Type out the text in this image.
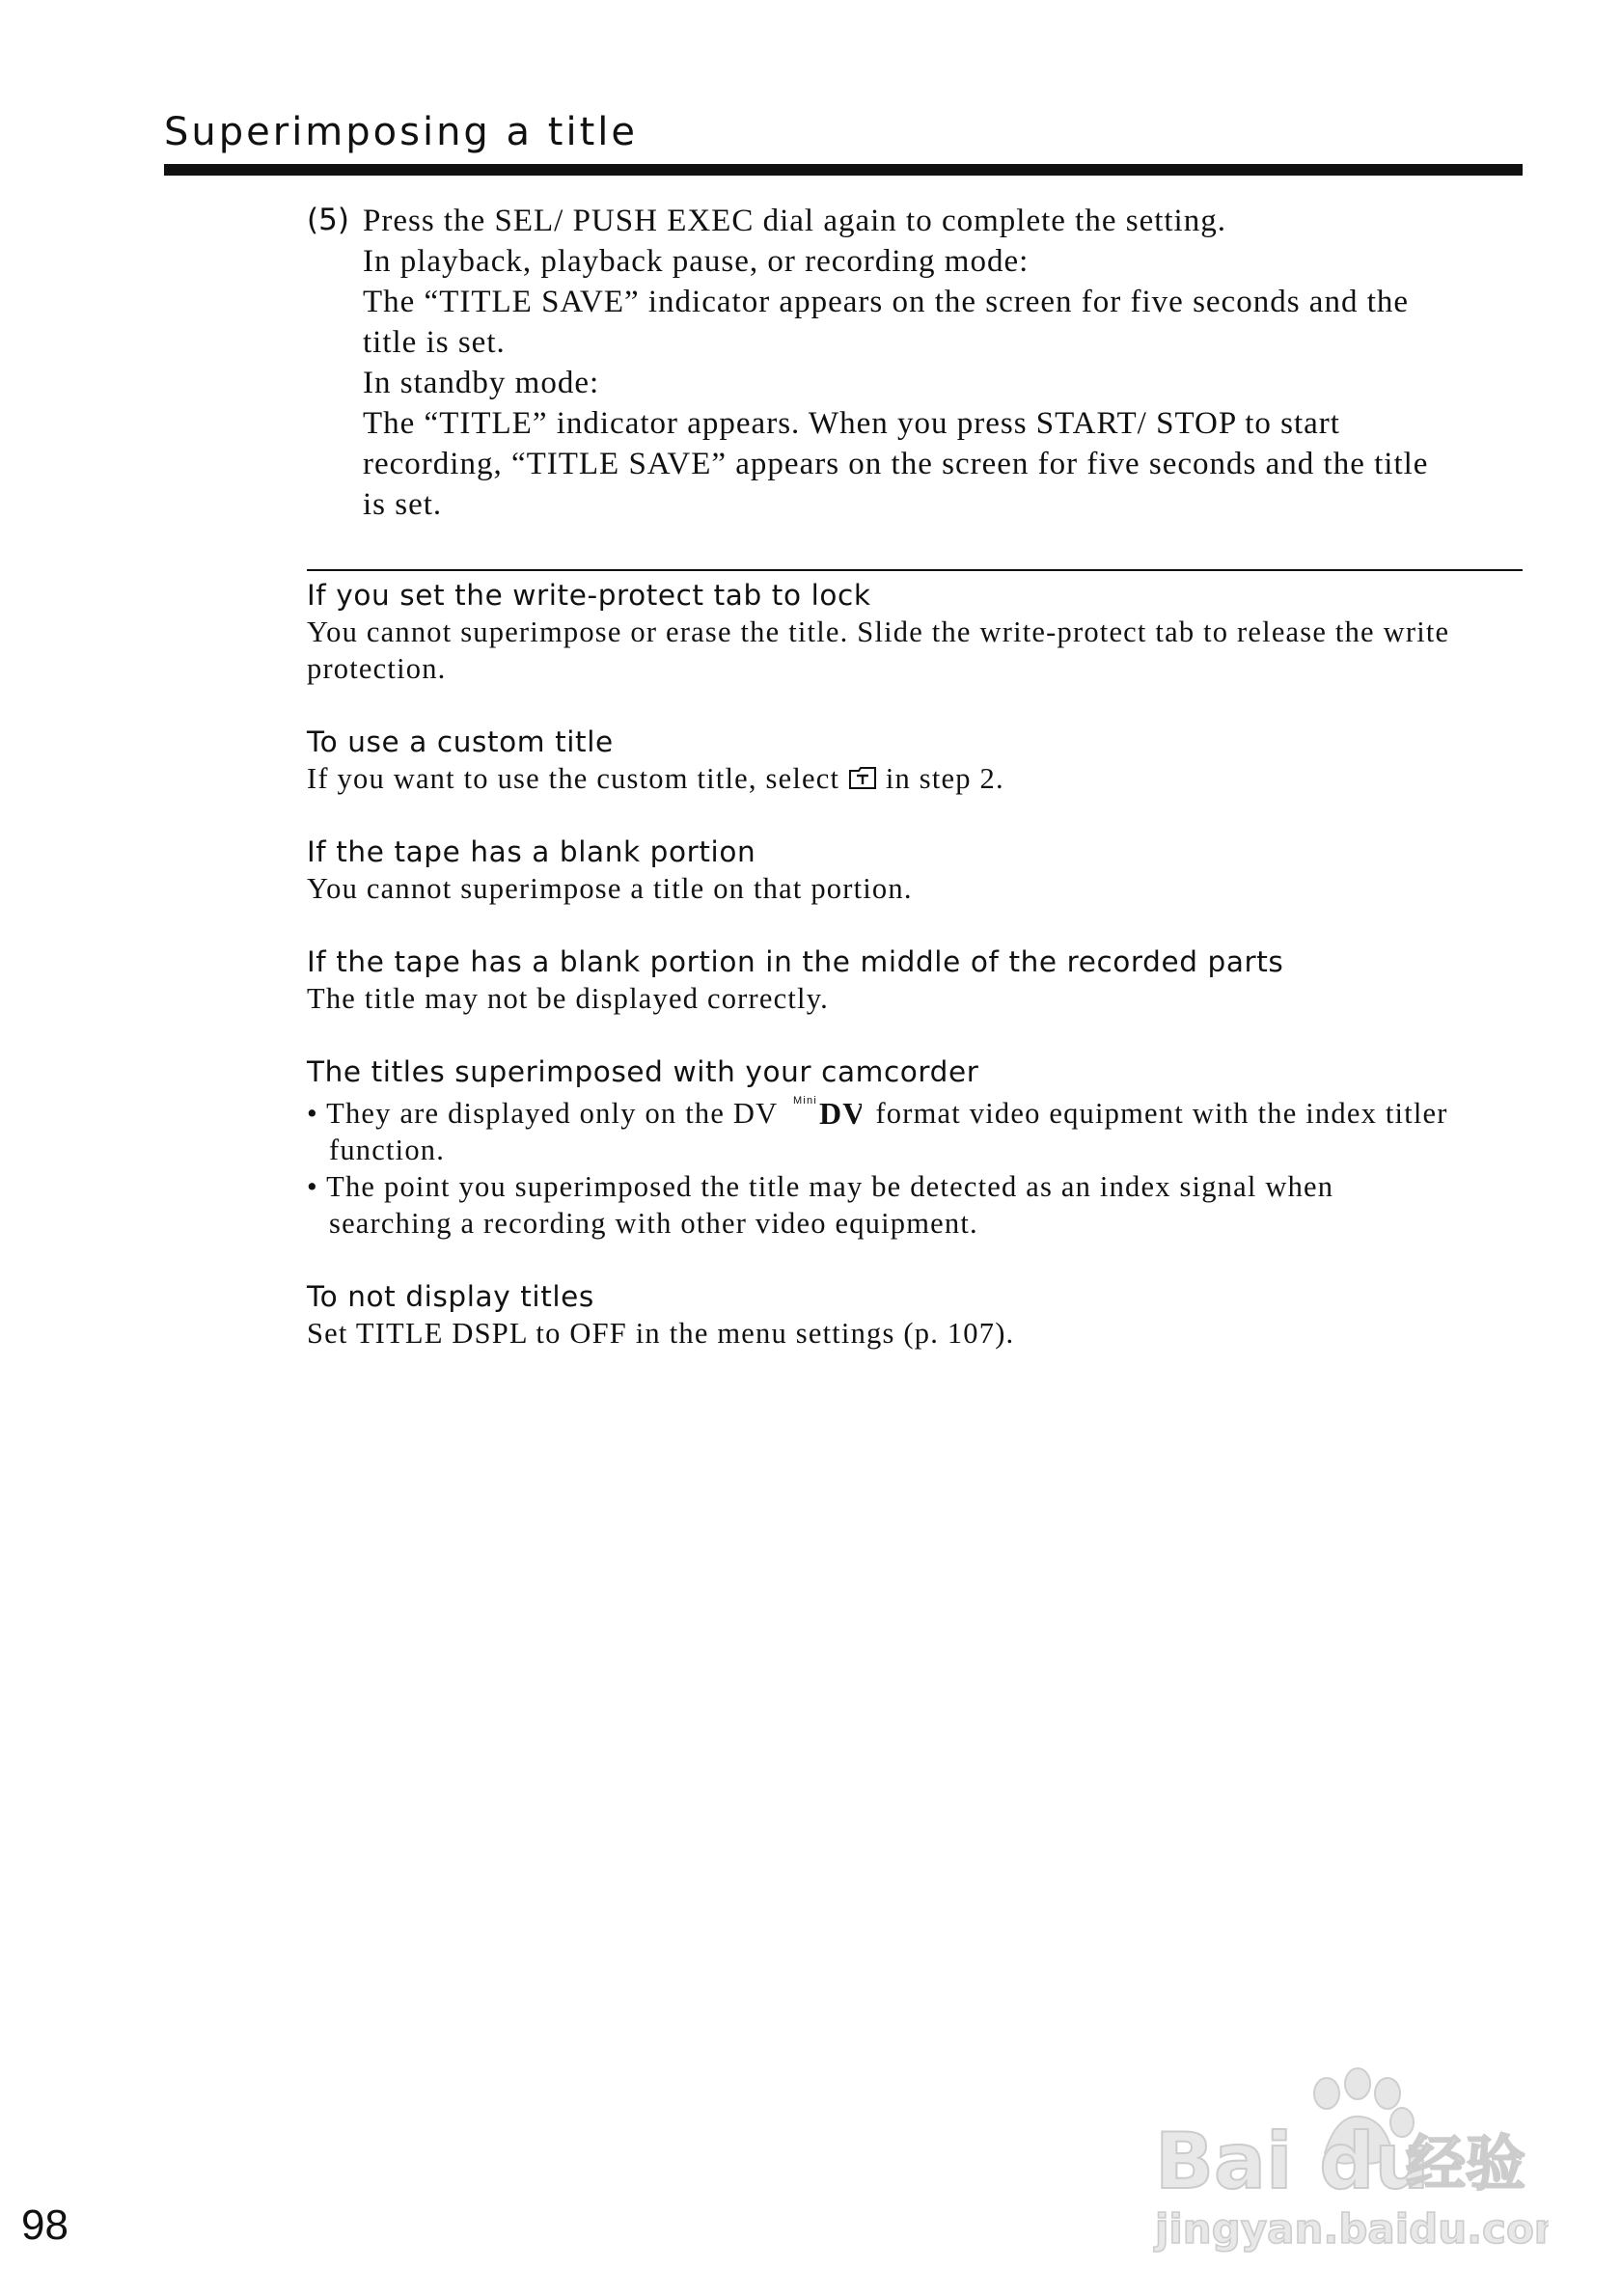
Superimposing a title
(5) Press the SEL/ PUSH EXEC dial again to complete the setting.
In playback, playback pause, or recording mode:
The “TITLE SAVE” indicator appears on the screen for five seconds and the
title is set.
In standby mode:
The “TITLE” indicator appears. When you press START/ STOP to start
recording, “TITLE SAVE” appears on the screen for five seconds and the title
is set.
If you set the write-protect tab to lock
You cannot superimpose or erase the title. Slide the write-protect tab to release the write
protection.
To use a custom title
If you want to use the custom title, select in step 2.
If the tape has a blank portion
You cannot superimpose a title on that portion.
If the tape has a blank portion in the middle of the recorded parts
The title may not be displayed correctly.
The titles superimposed with your camcorder
• They are displayed only on the DV Mini DV format video equipment with the index titler
function.
• The point you superimposed the title may be detected as an index signal when
searching a recording with other video equipment.
To not display titles
Set TITLE DSPL to OFF in the menu settings (p. 107).
98
Bai du
经验
jingyan.baidu.com
